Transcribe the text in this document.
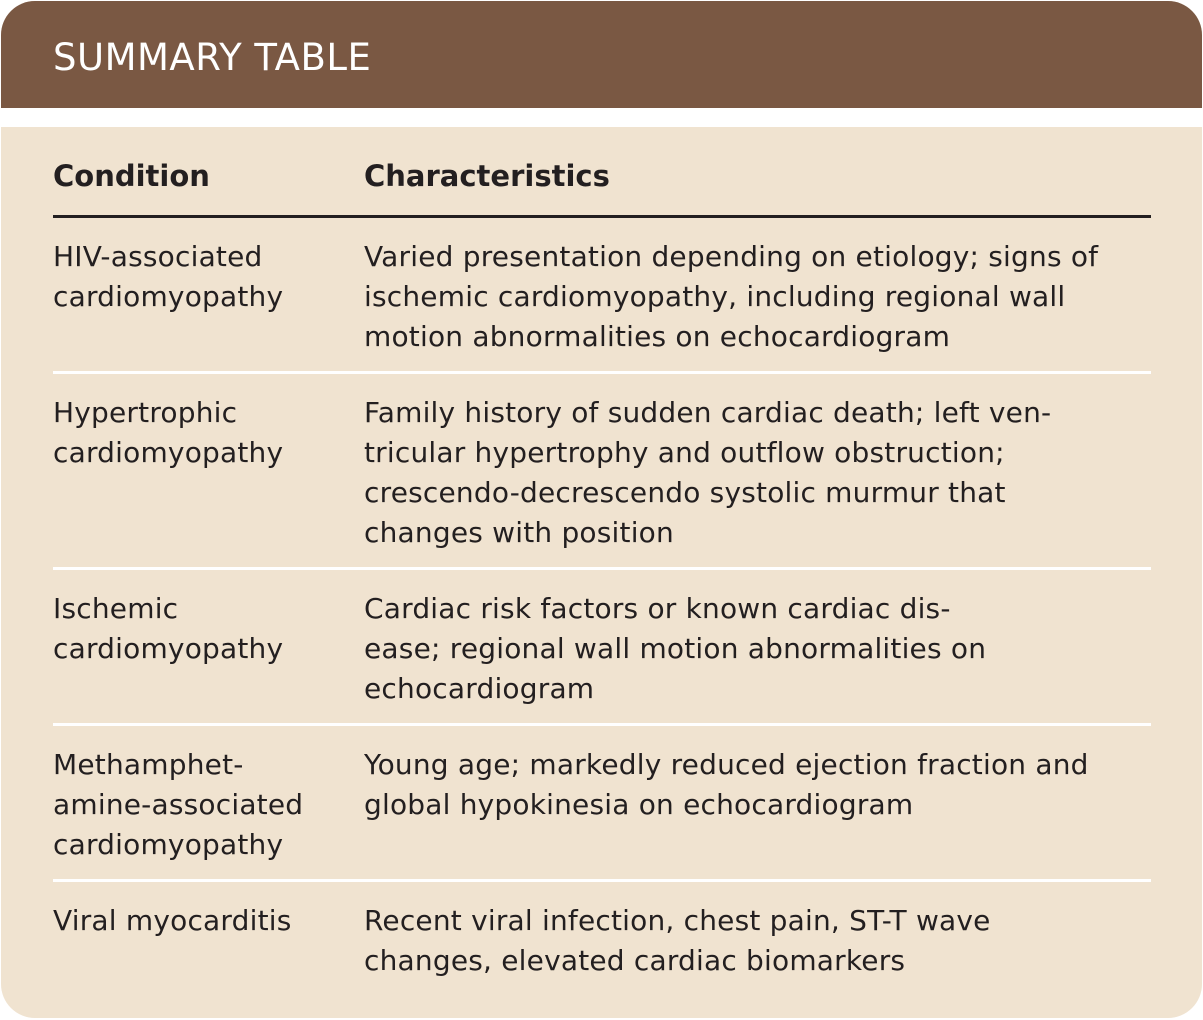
SUMMARY TABLE
Condition	Characteristics
HIV-associated
cardiomyopathy
Varied presentation depending on etiology; signs of
ischemic cardiomyopathy, including regional wall
motion abnormalities on echocardiogram
Hypertrophic
cardiomyopathy
Family history of sudden cardiac death; left ven-
tricular hypertrophy and outflow obstruction;
crescendo-decrescendo systolic murmur that
changes with position
Ischemic
cardiomyopathy
Cardiac risk factors or known cardiac dis-
ease; regional wall motion abnormalities on
echocardiogram
Methamphet-
amine-associated
cardiomyopathy
Young age; markedly reduced ejection fraction and
global hypokinesia on echocardiogram
Viral myocarditis	Recent viral infection, chest pain, ST-T wave
changes, elevated cardiac biomarkers
